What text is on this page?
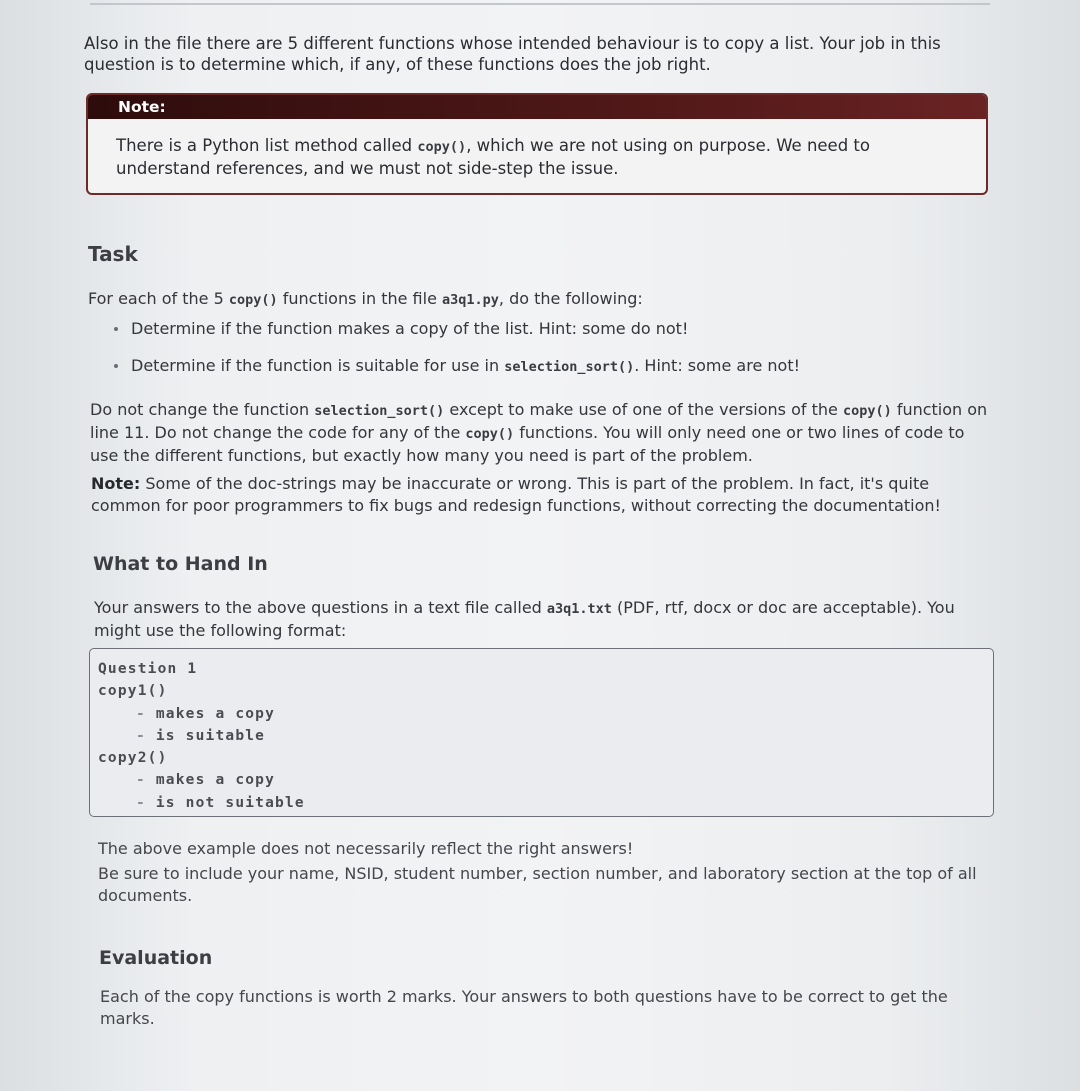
Also in the file there are 5 different functions whose intended behaviour is to copy a list. Your job in this question is to determine which, if any, of these functions does the job right.
Note:
There is a Python list method called copy(), which we are not using on purpose. We need to understand references, and we must not side-step the issue.
Task
For each of the 5 copy() functions in the file a3q1.py, do the following:
Determine if the function makes a copy of the list. Hint: some do not!
Determine if the function is suitable for use in selection_sort(). Hint: some are not!
Do not change the function selection_sort() except to make use of one of the versions of the copy() function on line 11. Do not change the code for any of the copy() functions. You will only need one or two lines of code to use the different functions, but exactly how many you need is part of the problem.
Note: Some of the doc-strings may be inaccurate or wrong. This is part of the problem. In fact, it's quite common for poor programmers to fix bugs and redesign functions, without correcting the documentation!
What to Hand In
Your answers to the above questions in a text file called a3q1.txt (PDF, rtf, docx or doc are acceptable). You might use the following format:
Question 1
copy1()
- makes a copy
- is suitable
copy2()
- makes a copy
- is not suitable
The above example does not necessarily reflect the right answers!
Be sure to include your name, NSID, student number, section number, and laboratory section at the top of all documents.
Evaluation
Each of the copy functions is worth 2 marks. Your answers to both questions have to be correct to get the marks.
